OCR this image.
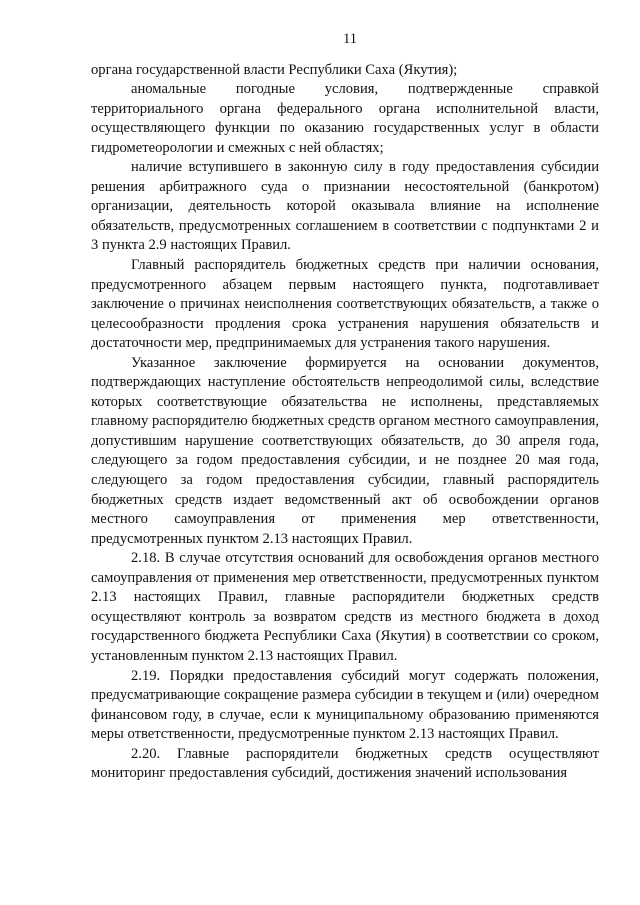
11

органа государственной власти Республики Саха (Якутия);

аномальные погодные условия, подтвержденные справкой территориального органа федерального органа исполнительной власти, осуществляющего функции по оказанию государственных услуг в области гидрометеорологии и смежных с ней областях;

наличие вступившего в законную силу в году предоставления субсидии решения арбитражного суда о признании несостоятельной (банкротом) организации, деятельность которой оказывала влияние на исполнение обязательств, предусмотренных соглашением в соответствии с подпунктами 2 и 3 пункта 2.9 настоящих Правил.

Главный распорядитель бюджетных средств при наличии основания, предусмотренного абзацем первым настоящего пункта, подготавливает заключение о причинах неисполнения соответствующих обязательств, а также о целесообразности продления срока устранения нарушения обязательств и достаточности мер, предпринимаемых для устранения такого нарушения.

Указанное заключение формируется на основании документов, подтверждающих наступление обстоятельств непреодолимой силы, вследствие которых соответствующие обязательства не исполнены, представляемых главному распорядителю бюджетных средств органом местного самоуправления, допустившим нарушение соответствующих обязательств, до 30 апреля года, следующего за годом предоставления субсидии, и не позднее 20 мая года, следующего за годом предоставления субсидии, главный распорядитель бюджетных средств издает ведомственный акт об освобождении органов местного самоуправления от применения мер ответственности, предусмотренных пунктом 2.13 настоящих Правил.

2.18. В случае отсутствия оснований для освобождения органов местного самоуправления от применения мер ответственности, предусмотренных пунктом 2.13 настоящих Правил, главные распорядители бюджетных средств осуществляют контроль за возвратом средств из местного бюджета в доход государственного бюджета Республики Саха (Якутия) в соответствии со сроком, установленным пунктом 2.13 настоящих Правил.

2.19. Порядки предоставления субсидий могут содержать положения, предусматривающие сокращение размера субсидии в текущем и (или) очередном финансовом году, в случае, если к муниципальному образованию применяются меры ответственности, предусмотренные пунктом 2.13 настоящих Правил.

2.20. Главные распорядители бюджетных средств осуществляют мониторинг предоставления субсидий, достижения значений использования
